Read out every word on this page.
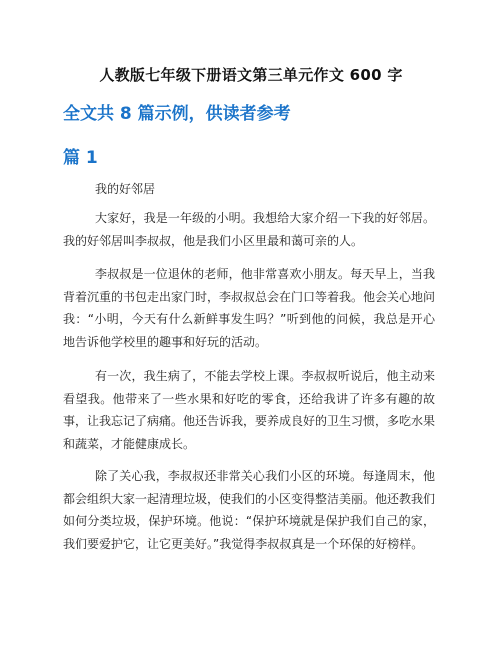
人教版七年级下册语文第三单元作文 600 字
全文共 8 篇示例，供读者参考
篇 1
我的好邻居

大家好，我是一年级的小明。我想给大家介绍一下我的好邻居。我的好邻居叫李叔叔，他是我们小区里最和蔼可亲的人。

李叔叔是一位退休的老师，他非常喜欢小朋友。每天早上，当我背着沉重的书包走出家门时，李叔叔总会在门口等着我。他会关心地问我：“小明，今天有什么新鲜事发生吗？”听到他的问候，我总是开心地告诉他学校里的趣事和好玩的活动。

有一次，我生病了，不能去学校上课。李叔叔听说后，他主动来看望我。他带来了一些水果和好吃的零食，还给我讲了许多有趣的故事，让我忘记了病痛。他还告诉我，要养成良好的卫生习惯，多吃水果和蔬菜，才能健康成长。

除了关心我，李叔叔还非常关心我们小区的环境。每逢周末，他都会组织大家一起清理垃圾，使我们的小区变得整洁美丽。他还教我们如何分类垃圾，保护环境。他说：“保护环境就是保护我们自己的家，我们要爱护它，让它更美好。”我觉得李叔叔真是一个环保的好榜样。
